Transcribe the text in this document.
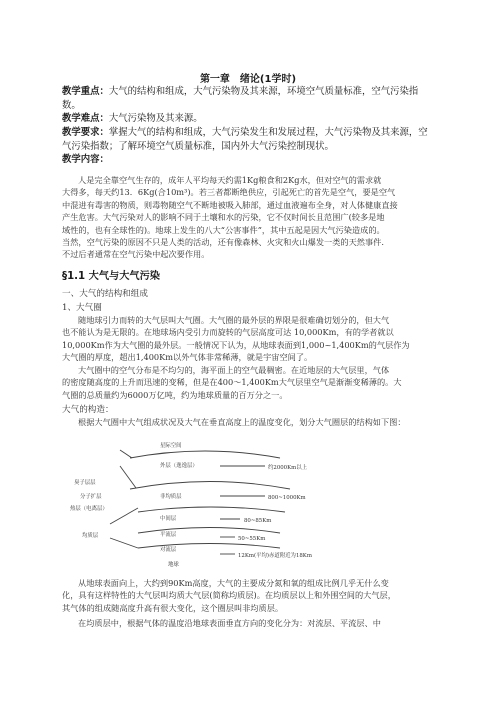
第一章　绪论(1学时)
教学重点：大气的结构和组成，大气污染物及其来源，环境空气质量标准，空气污染指数。
教学难点：大气污染物及其来源。
教学要求：掌握大气的结构和组成，大气污染发生和发展过程，大气污染物及其来源，空气污染指数；了解环境空气质量标准，国内外大气污染控制现状。
教学内容：
人是完全靠空气生存的，成年人平均每天约需1Kg粮食和2Kg水，但对空气的需求就
大得多，每天约13．6Kg(合10m³)。若三者都断绝供应，引起死亡的首先是空气，要是空气
中混进有毒害的物质，则毒物随空气不断地被吸入肺部，通过血液遍布全身，对人体健康直接
产生危害。大气污染对人的影响不同于土壤和水的污染，它不仅时间长且范围广(较多是地
域性的，也有全球性的)。地球上发生的八大“公害事件”，其中五起是因大气污染造成的。
当然，空气污染的原因不只是人类的活动，还有像森林、火灾和火山爆发一类的天然事件.
不过后者通常在空气污染中起次要作用。
§1.1 大气与大气污染
一、大气的结构和组成
1、大气圈
随地球引力而转的大气层叫大气圈。大气圈的最外层的界限是很难确切划分的，但大气
也不能认为是无限的。在地球场内受引力而旋转的气层高度可达 10,000Km，有的学者就以
10,000Km作为大气圈的最外层。一般情况下认为，从地球表面到1,000~1,400Km的气层作为
大气圈的厚度，超出1,400Km以外气体非常稀薄，就是宇宙空间了。
大气圈中的空气分布是不均匀的，海平面上的空气最稠密。在近地层的大气层里，气体
的密度随高度的上升而迅速的变稀，但是在400～1,400Km大气层里空气是渐渐变稀薄的。大
气圈的总质量约为6000万亿吨，约为地球质量的百万分之一。
大气的构造：
根据大气圈中大气组成状况及大气在垂直高度上的温度变化，划分大气圈层的结构如下图：
星际空间
外层（逸逸层）	约2000Km以上
臭子层层
分子扩层
热层（电离层）
非均质层	800~1000Km
中间层	80~85Km
平流层
50~55Km
对流层
12Km(平均)赤道附近为18Km
均质层
地球
从地球表面向上，大约到90Km高度，大气的主要成分氮和氧的组成比例几乎无什么变
化，具有这样特性的大气层叫均质大气层(简称均质层)。在均质层以上和外围空间的大气层，
其气体的组成随高度升高有很大变化，这个圈层叫非均质层。
在均质层中，根据气体的温度沿地球表面垂直方向的变化分为：对流层、平流层、中
